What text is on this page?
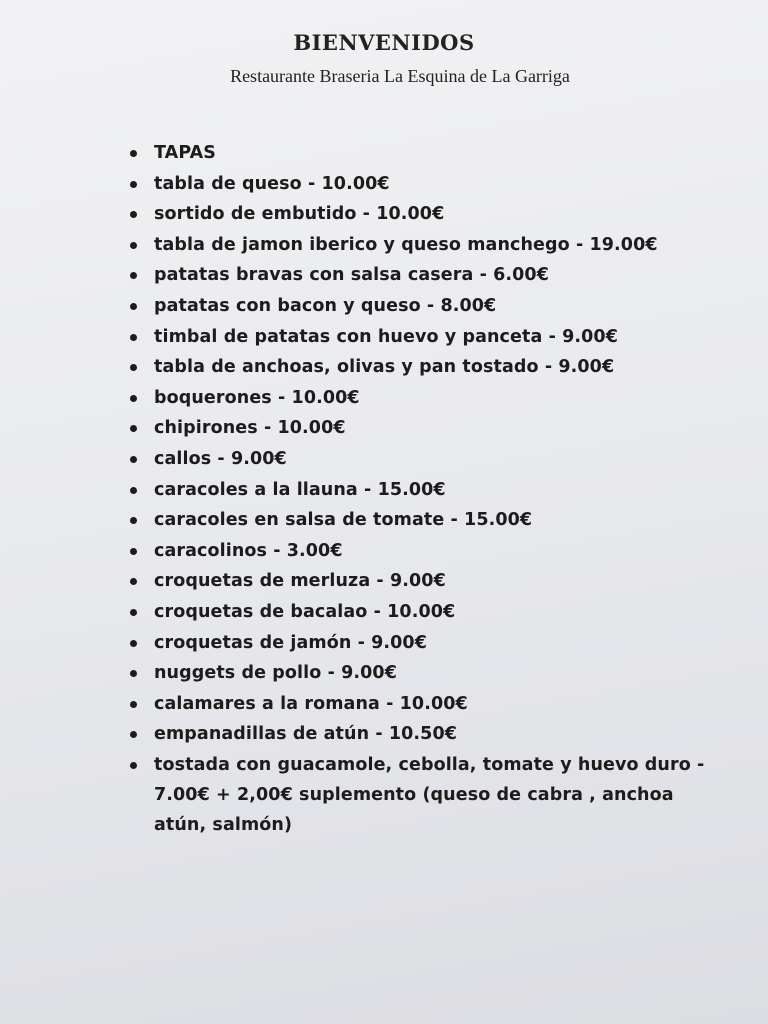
BIENVENIDOS
Restaurante Braseria La Esquina de La Garriga
TAPAS
tabla de queso - 10.00€
sortido de embutido - 10.00€
tabla de jamon iberico y queso manchego - 19.00€
patatas bravas con salsa casera - 6.00€
patatas con bacon y queso - 8.00€
timbal de patatas con huevo y panceta - 9.00€
tabla de anchoas, olivas y pan tostado - 9.00€
boquerones - 10.00€
chipirones - 10.00€
callos - 9.00€
caracoles a la llauna - 15.00€
caracoles en salsa de tomate - 15.00€
caracolinos - 3.00€
croquetas de merluza - 9.00€
croquetas de bacalao - 10.00€
croquetas de jamón - 9.00€
nuggets de pollo - 9.00€
calamares a la romana - 10.00€
empanadillas de atún - 10.50€
tostada con guacamole, cebolla, tomate y huevo duro - 7.00€ + 2,00€ suplemento (queso de cabra , anchoa atún, salmón)
